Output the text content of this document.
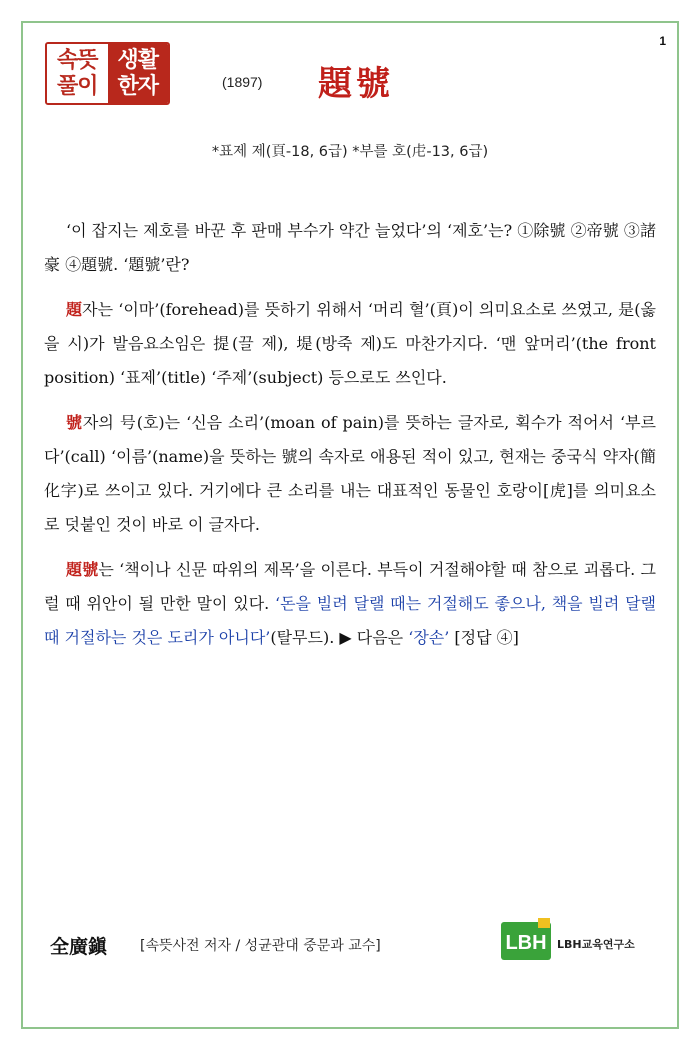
1
속뜻
풀이
생활
한자	(1897) 題號
*표제 제(頁-18, 6급) *부를 호(虍-13, 6급)

‘이 잡지는 제호를 바꾼 후 판매 부수가 약간 늘었다’의 ‘제호’는? ①除號 ②帝號 ③諸豪 ④題號. ‘題號’란?

題자는 ‘이마’(forehead)를 뜻하기 위해서 ‘머리 혈’(頁)이 의미요소로 쓰였고, 是(옳을 시)가 발음요소임은 提(끌 제), 堤(방죽 제)도 마찬가지다. ‘맨 앞머리’(the front position) ‘표제’(title) ‘주제’(subject) 등으로도 쓰인다.

號자의 号(호)는 ‘신음 소리’(moan of pain)를 뜻하는 글자로, 획수가 적어서 ‘부르다’(call) ‘이름’(name)을 뜻하는 號의 속자로 애용된 적이 있고, 현재는 중국식 약자(簡化字)로 쓰이고 있다. 거기에다 큰 소리를 내는 대표적인 동물인 호랑이[虎]를 의미요소로 덧붙인 것이 바로 이 글자다.

題號는 ‘책이나 신문 따위의 제목’을 이른다. 부득이 거절해야할 때 참으로 괴롭다. 그럴 때 위안이 될 만한 말이 있다. ‘돈을 빌려 달랠 때는 거절해도 좋으나, 책을 빌려 달랠 때 거절하는 것은 도리가 아니다’(탈무드). ▶ 다음은 ‘장손’ [정답 ④]

全廣鎭 [속뜻사전 저자 / 성균관대 중문과 교수]	LBH LBH교육연구소
